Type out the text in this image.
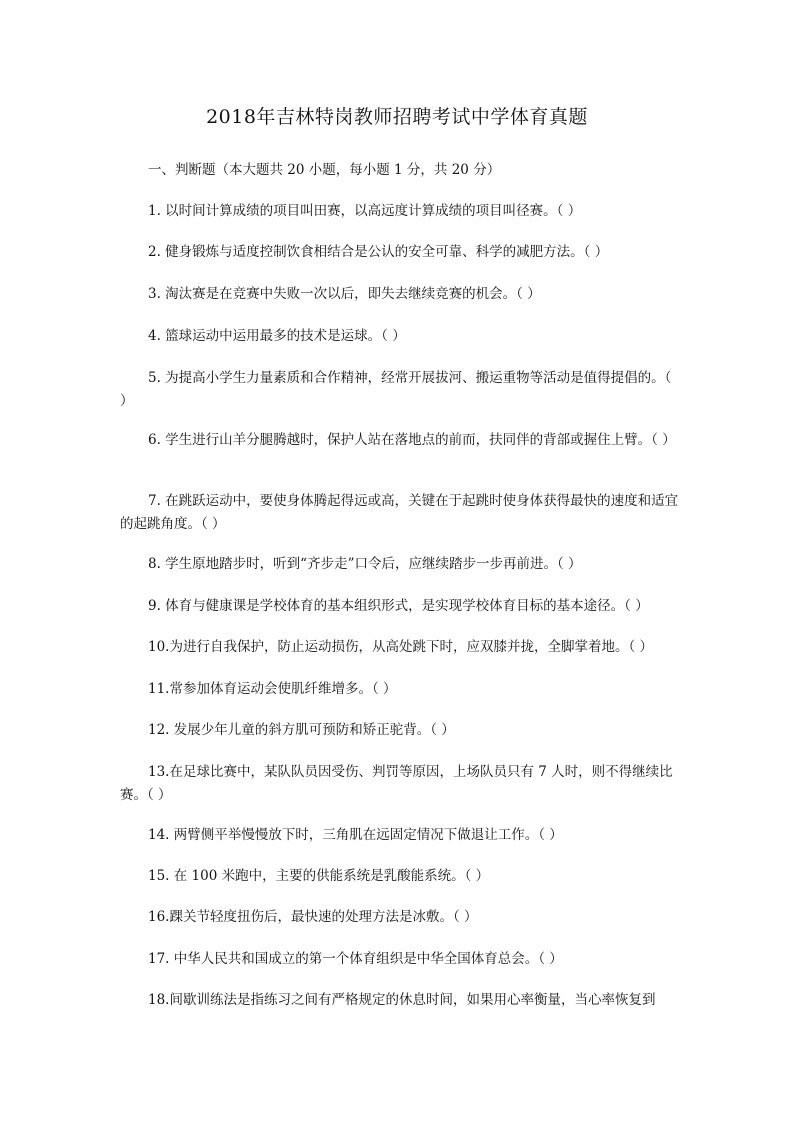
2018年吉林特岗教师招聘考试中学体育真题
一、判断题（本大题共 20 小题，每小题 1 分，共 20 分）
1. 以时间计算成绩的项目叫田赛，以高远度计算成绩的项目叫径赛。（ ）
2. 健身锻炼与适度控制饮食相结合是公认的安全可靠、科学的减肥方法。（ ）
3. 淘汰赛是在竞赛中失败一次以后，即失去继续竞赛的机会。（ ）
4. 篮球运动中运用最多的技术是运球。（ ）
5. 为提高小学生力量素质和合作精神，经常开展拔河、搬运重物等活动是值得提倡的。（ ）
6. 学生进行山羊分腿腾越时，保护人站在落地点的前而，扶同伴的背部或握住上臂。（ ）
7. 在跳跃运动中，要使身体腾起得远或高，关键在于起跳时使身体获得最快的速度和适宜的起跳角度。（ ）
8. 学生原地踏步时，听到“齐步走”口令后，应继续踏步一步再前进。（ ）
9. 体育与健康课是学校体育的基本组织形式，是实现学校体育目标的基本途径。（ ）
10.为进行自我保护，防止运动损伤，从高处跳下时，应双膝并拢，全脚掌着地。（ ）
11.常参加体育运动会使肌纤维增多。（ ）
12. 发展少年儿童的斜方肌可预防和矫正驼背。（ ）
13.在足球比赛中，某队队员因受伤、判罚等原因，上场队员只有 7 人时，则不得继续比赛。（ ）
14. 两臂侧平举慢慢放下时，三角肌在远固定情况下做退让工作。（ ）
15. 在 100 米跑中，主要的供能系统是乳酸能系统。（ ）
16.踝关节轻度扭伤后，最快速的处理方法是冰敷。（ ）
17. 中华人民共和国成立的第一个体育组织是中华全国体育总会。（ ）
18.间歇训练法是指练习之间有严格规定的休息时间，如果用心率衡量，当心率恢复到
